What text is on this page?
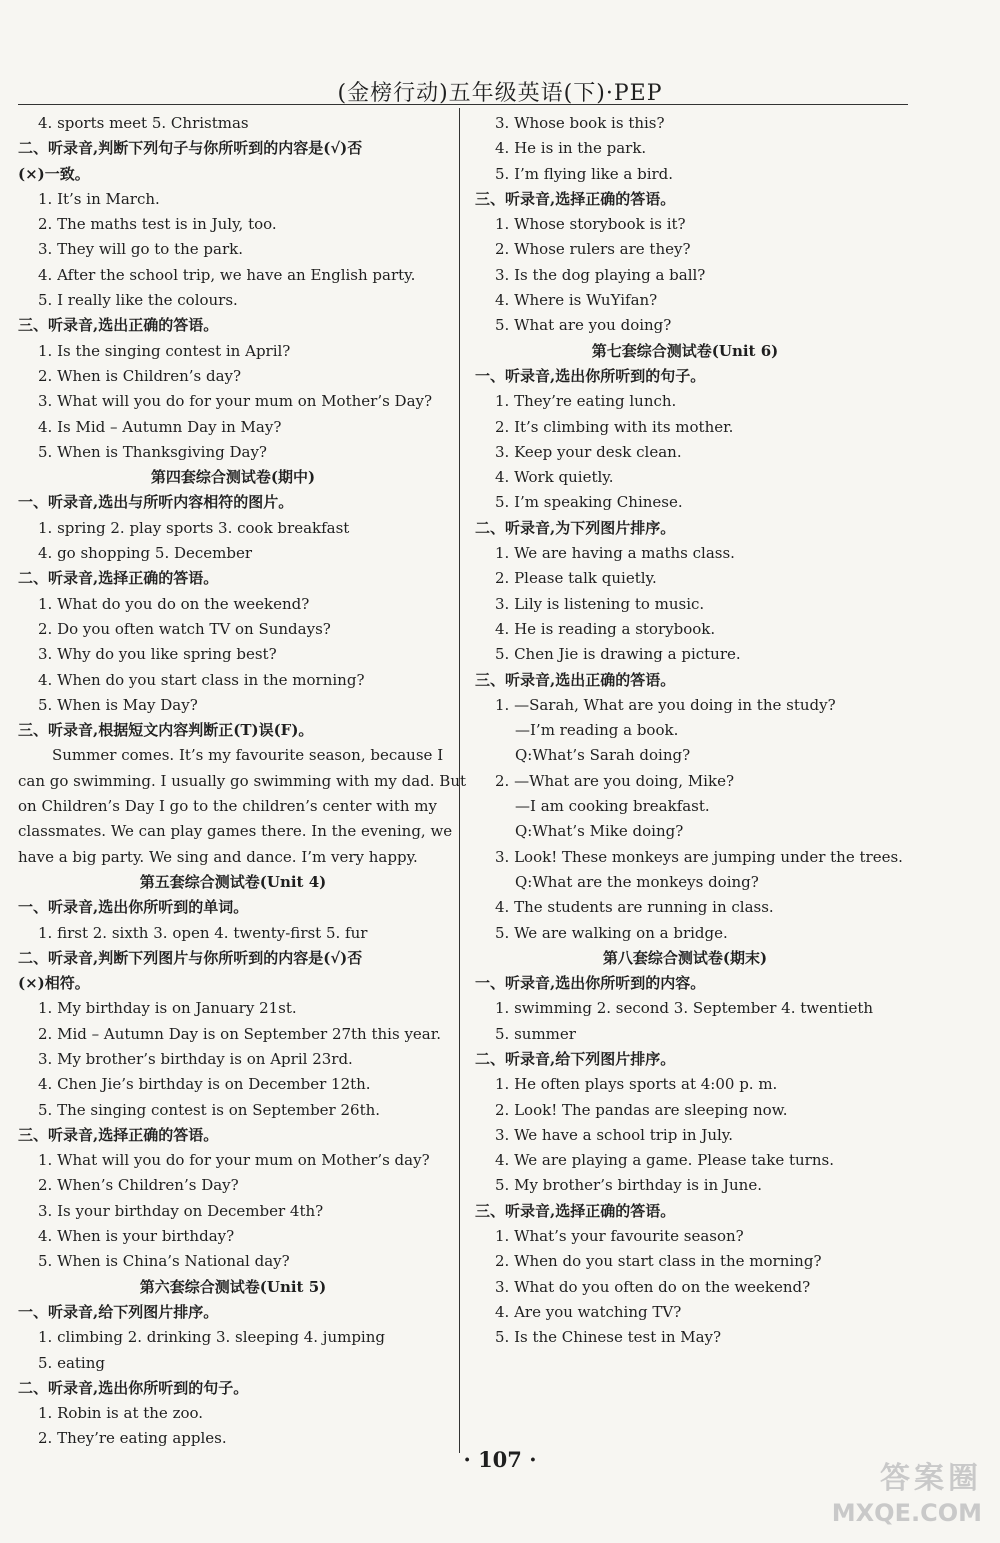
(金榜行动)五年级英语(下)·PEP
4. sports meet 5. Christmas
二、听录音,判断下列句子与你所听到的内容是(√)否
(×)一致。
1. It’s in March.
2. The maths test is in July, too.
3. They will go to the park.
4. After the school trip, we have an English party.
5. I really like the colours.
三、听录音,选出正确的答语。
1. Is the singing contest in April?
2. When is Children’s day?
3. What will you do for your mum on Mother’s Day?
4. Is Mid – Autumn Day in May?
5. When is Thanksgiving Day?
第四套综合测试卷(期中)
一、听录音,选出与所听内容相符的图片。
1. spring 2. play sports 3. cook breakfast
4. go shopping 5. December
二、听录音,选择正确的答语。
1. What do you do on the weekend?
2. Do you often watch TV on Sundays?
3. Why do you like spring best?
4. When do you start class in the morning?
5. When is May Day?
三、听录音,根据短文内容判断正(T)误(F)。
Summer comes. It’s my favourite season, because I
can go swimming. I usually go swimming with my dad. But
on Children’s Day I go to the children’s center with my
classmates. We can play games there. In the evening, we
have a big party. We sing and dance. I’m very happy.
第五套综合测试卷(Unit 4)
一、听录音,选出你所听到的单词。
1. first 2. sixth 3. open 4. twenty-first 5. fur
二、听录音,判断下列图片与你所听到的内容是(√)否
(×)相符。
1. My birthday is on January 21st.
2. Mid – Autumn Day is on September 27th this year.
3. My brother’s birthday is on April 23rd.
4. Chen Jie’s birthday is on December 12th.
5. The singing contest is on September 26th.
三、听录音,选择正确的答语。
1. What will you do for your mum on Mother’s day?
2. When’s Children’s Day?
3. Is your birthday on December 4th?
4. When is your birthday?
5. When is China’s National day?
第六套综合测试卷(Unit 5)
一、听录音,给下列图片排序。
1. climbing 2. drinking 3. sleeping 4. jumping
5. eating
二、听录音,选出你所听到的句子。
1. Robin is at the zoo.
2. They’re eating apples.
3. Whose book is this?
4. He is in the park.
5. I’m flying like a bird.
三、听录音,选择正确的答语。
1. Whose storybook is it?
2. Whose rulers are they?
3. Is the dog playing a ball?
4. Where is WuYifan?
5. What are you doing?
第七套综合测试卷(Unit 6)
一、听录音,选出你所听到的句子。
1. They’re eating lunch.
2. It’s climbing with its mother.
3. Keep your desk clean.
4. Work quietly.
5. I’m speaking Chinese.
二、听录音,为下列图片排序。
1. We are having a maths class.
2. Please talk quietly.
3. Lily is listening to music.
4. He is reading a storybook.
5. Chen Jie is drawing a picture.
三、听录音,选出正确的答语。
1. —Sarah, What are you doing in the study?
—I’m reading a book.
Q:What’s Sarah doing?
2. —What are you doing, Mike?
—I am cooking breakfast.
Q:What’s Mike doing?
3. Look! These monkeys are jumping under the trees.
Q:What are the monkeys doing?
4. The students are running in class.
5. We are walking on a bridge.
第八套综合测试卷(期末)
一、听录音,选出你所听到的内容。
1. swimming 2. second 3. September 4. twentieth
5. summer
二、听录音,给下列图片排序。
1. He often plays sports at 4:00 p. m.
2. Look! The pandas are sleeping now.
3. We have a school trip in July.
4. We are playing a game. Please take turns.
5. My brother’s birthday is in June.
三、听录音,选择正确的答语。
1. What’s your favourite season?
2. When do you start class in the morning?
3. What do you often do on the weekend?
4. Are you watching TV?
5. Is the Chinese test in May?
· 107 ·
答案圈
MXQE.COM
